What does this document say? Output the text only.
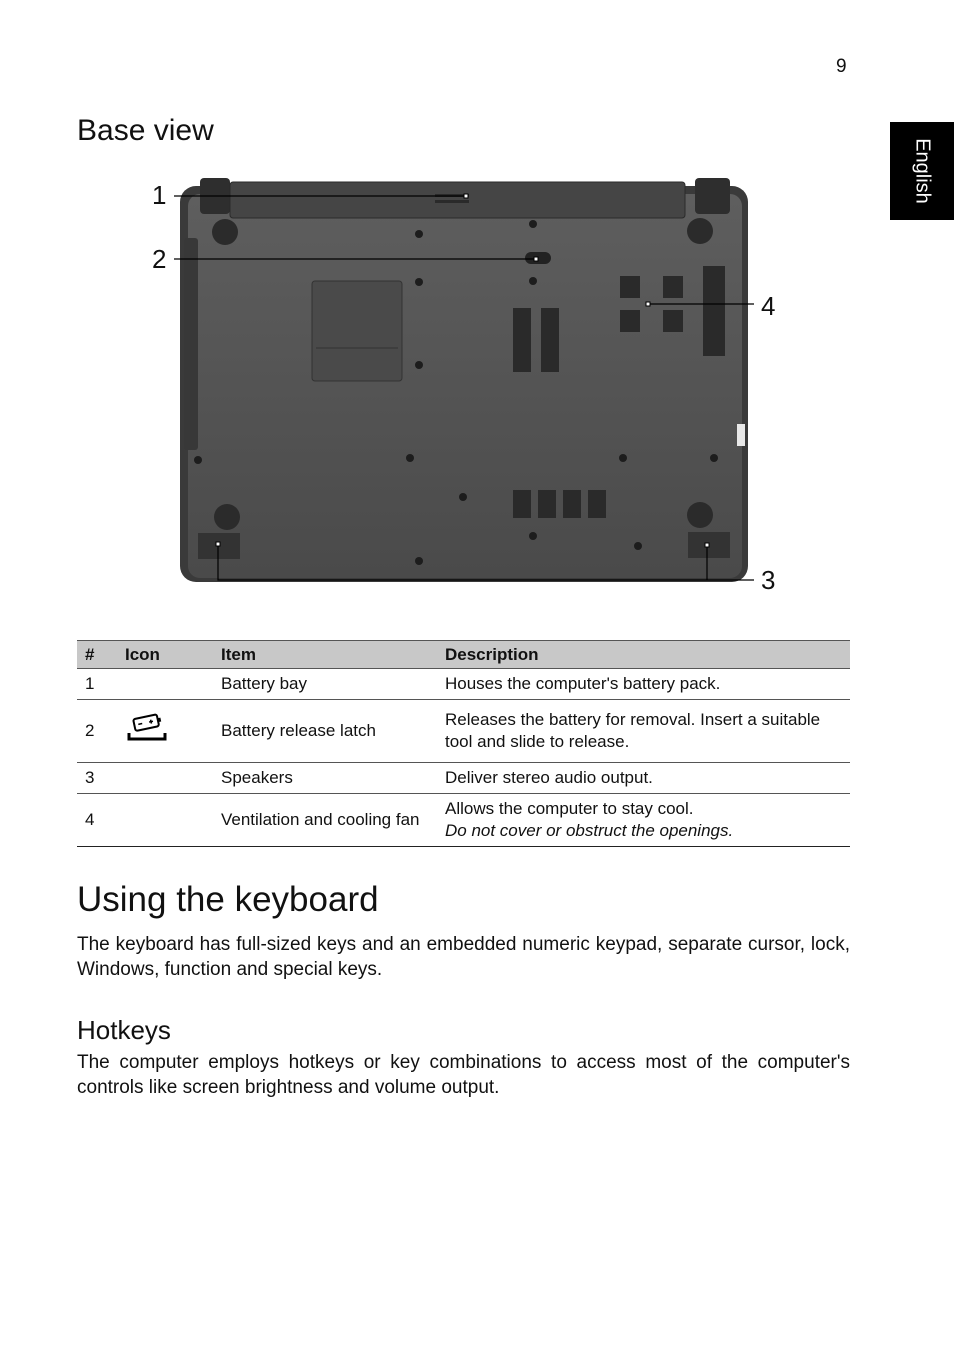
9
English
Base view
1
2
3
4
#	Icon	Item	Description
1		Battery bay	Houses the computer's battery pack.
2		Battery release latch	Releases the battery for removal. Insert a suitable tool and slide to release.
3		Speakers	Deliver stereo audio output.
4		Ventilation and cooling fan	Allows the computer to stay cool.
Do not cover or obstruct the openings.
Using the keyboard

The keyboard has full-sized keys and an embedded numeric keypad, separate cursor, lock, Windows, function and special keys.

Hotkeys

The computer employs hotkeys or key combinations to access most of the computer's controls like screen brightness and volume output.
